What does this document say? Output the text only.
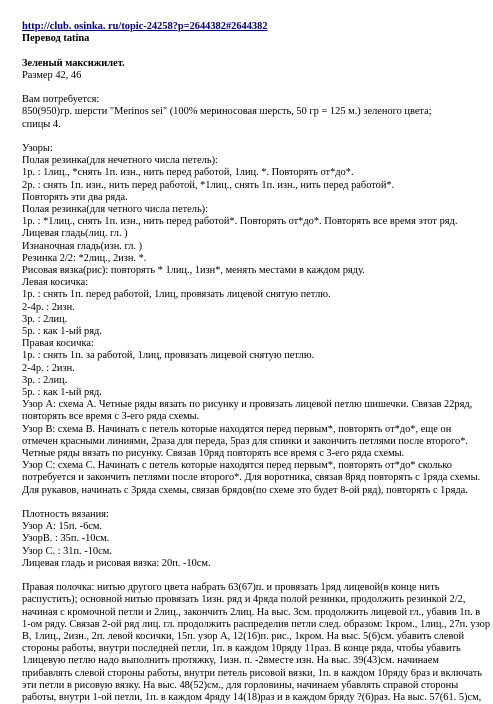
http://club. osinka. ru/topic-24258?p=2644382#2644382
Перевод tatina
Зеленый максижилет.
Размер 42, 46
Вам потребуется:
850(950)гр. шерсти "Merinos sei" (100% мериносовая шерсть, 50 гр = 125 м.) зеленого цвета;
спицы 4.
Узоры:
Полая резинка(для нечетного числа петель):
1р. : 1лиц., *снять 1п. изн., нить перед работой, 1лиц. *. Повторять от*до*.
2р. : снять 1п. изн., нить перед работой, *1лиц., снять 1п. изн., нить перед работой*.
Повторять эти два ряда.
Полая резинка(для четного числа петель):
1р. : *1лиц., снять 1п. изн., нить перед работой*. Повторять от*до*. Повторять все время этот ряд.
Лицевая гладь(лиц. гл. )
Изнаночная гладь(изн. гл. )
Резинка 2/2: *2лиц., 2изн. *.
Рисовая вязка(рис): повторять * 1лиц., 1изн*, менять местами в каждом ряду.
Левая косичка:
1р. : снять 1п. перед работой, 1лиц, провязать лицевой снятую петлю.
2-4р. : 2изн.
3р. : 2лиц.
5р. : как 1-ый ряд.
Правая косичка:
1р. : снять 1п. за работой, 1лиц, провязать лицевой снятую петлю.
2-4р. : 2изн.
3р. : 2лиц.
5р. : как 1-ый ряд.
Узор А: схема А. Четные ряды вязать по рисунку и провязать лицевой петлю шишечки. Связав 22ряд,
повторять все время с 3-его ряда схемы.
Узор В: схема В. Начинать с петель которые находятся перед первым*, повторять от*до*, еще он
отмечен красными линиями, 2раза для переда, 5раз для спинки и закончить петлями после второго*.
Четные ряды вязать по рисунку. Связав 10ряд повторять все время с 3-его ряда схемы.
Узор С: схема С. Начинать с петель которые находятся перед первым*, повторять от*до* сколько
потребуется и закончить петлями после второго*. Для воротника, связав 8ряд повторять с 1ряда схемы.
Для рукавов, начинать с 3ряда схемы, связав 6рядов(по схеме это будет 8-ой ряд), повторять с 1ряда.
Плотность вязания:
Узор А: 15п. -6см.
УзорВ. : 35п. -10см.
Узор С. : 31п. -10см.
Лицевая гладь и рисовая вязка: 20п. -10см.
Правая полочка: нитью другого цвета набрать 63(67)п. и провязать 1ряд лицевой(в конце нить
распустить); основной нитью провязать 1изн. ряд и 4ряда полой резинки, продолжить резинкой 2/2,
начиная с кромочной петли и 2лиц., закончить 2лиц. На выс. 3см. продолжить лицевой гл., убавив 1п. в
1-ом ряду. Связав 2-ой ряд лиц. гл. продолжить распределив петли след. образом: 1кром., 1лиц., 27п. узор
В, 1лиц., 2изн., 2п. левой косички, 15п. узор А, 12(16)п. рис., 1кром. На выс. 5(6)см. убавить слевой
стороны работы, внутри последней петли, 1п. в каждом 10ряду 11раз. В конце ряда, чтобы убавить
1лицевую петлю надо выполнить протяжку, 1изн. п. -2вместе изн. На выс. 39(43)см. начинаем
прибавлять слевой стороны работы, внутри петель рисовой вязки, 1п. в каждом 10ряду 6раз и включать
эти петли в рисовую вязку. На выс. 48(52)см., для горловины, начинаем убавлять справой стороны
работы, внутри 1-ой петли, 1п. в каждом 4ряду 14(18)раз и в каждом бряду ?(6)раз. На выс. 57(61. 5)см,
